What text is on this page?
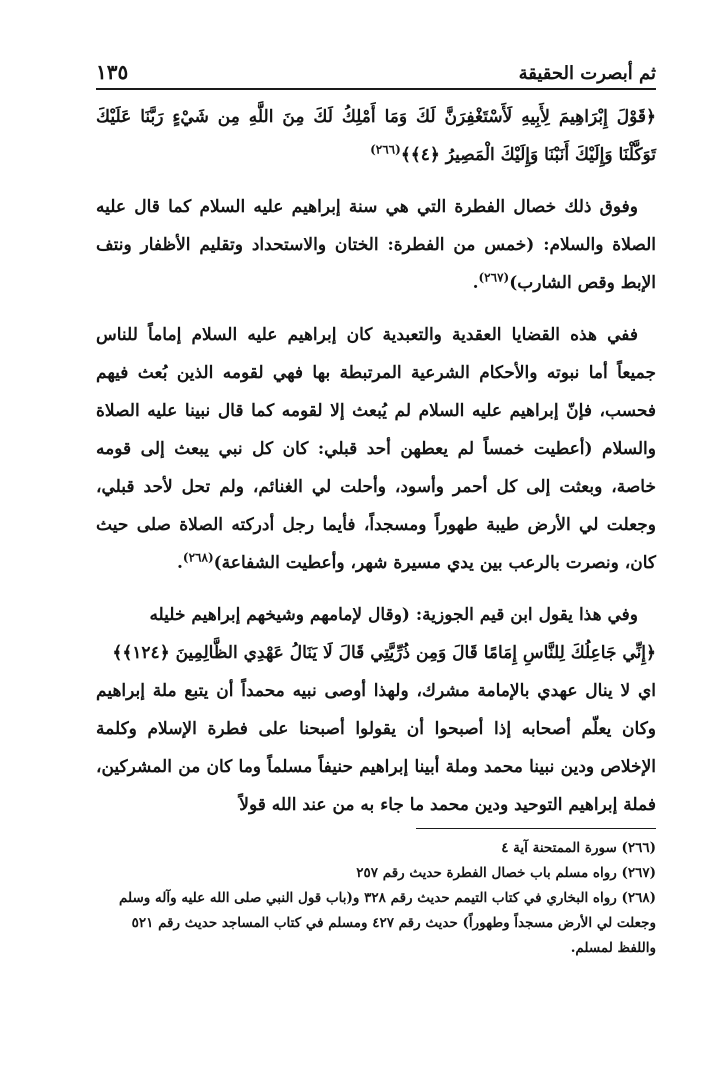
ثم أبصرت الحقيقة
١٣٥

﴿قَوْلَ إِبْرَاهِيمَ لِأَبِيهِ لَأَسْتَغْفِرَنَّ لَكَ وَمَا أَمْلِكُ لَكَ مِنَ اللَّهِ مِن شَيْءٍ رَبَّنَا عَلَيْكَ تَوَكَّلْنَا وَإِلَيْكَ أَنَبْنَا وَإِلَيْكَ الْمَصِيرُ ﴿٤﴾﴾$^{(٢٦٦)}$

وفوق ذلك خصال الفطرة التي هي سنة إبراهيم عليه السلام كما قال عليه الصلاة والسلام: (خمس من الفطرة: الختان والاستحداد وتقليم الأظفار ونتف الإبط وقص الشارب)$^{(٢٦٧)}$.

ففي هذه القضايا العقدية والتعبدية كان إبراهيم عليه السلام إماماً للناس جميعاً أما نبوته والأحكام الشرعية المرتبطة بها فهي لقومه الذين بُعث فيهم فحسب، فإنّ إبراهيم عليه السلام لم يُبعث إلا لقومه كما قال نبينا عليه الصلاة والسلام (أعطيت خمساً لم يعطهن أحد قبلي: كان كل نبي يبعث إلى قومه خاصة، وبعثت إلى كل أحمر وأسود، وأحلت لي الغنائم، ولم تحل لأحد قبلي، وجعلت لي الأرض طيبة طهوراً ومسجداً، فأيما رجل أدركته الصلاة صلى حيث كان، ونصرت بالرعب بين يدي مسيرة شهر، وأعطيت الشفاعة)$^{(٢٦٨)}$.

وفي هذا يقول ابن قيم الجوزية: (وقال لإمامهم وشيخهم إبراهيم خليله
﴿إِنِّي جَاعِلُكَ لِلنَّاسِ إِمَامًا قَالَ وَمِن ذُرِّيَّتِي قَالَ لَا يَنَالُ عَهْدِي الظَّالِمِينَ ﴿١٢٤﴾﴾
اي لا ينال عهدي بالإمامة مشرك، ولهذا أوصى نبيه محمداً أن يتبع ملة إبراهيم وكان يعلّم أصحابه إذا أصبحوا أن يقولوا أصبحنا على فطرة الإسلام وكلمة الإخلاص ودين نبينا محمد وملة أبينا إبراهيم حنيفاً مسلماً وما كان من المشركين، فملة إبراهيم التوحيد ودين محمد ما جاء به من عند الله قولاً

(٢٦٦) سورة الممتحنة آية ٤

(٢٦٧) رواه مسلم باب خصال الفطرة حديث رقم ٢٥٧

(٢٦٨) رواه البخاري في كتاب التيمم حديث رقم ٣٢٨ و(باب قول النبي صلى الله عليه وآله وسلم وجعلت لي الأرض مسجداً وطهوراً) حديث رقم ٤٢٧ ومسلم في كتاب المساجد حديث رقم ٥٢١ واللفظ لمسلم.
